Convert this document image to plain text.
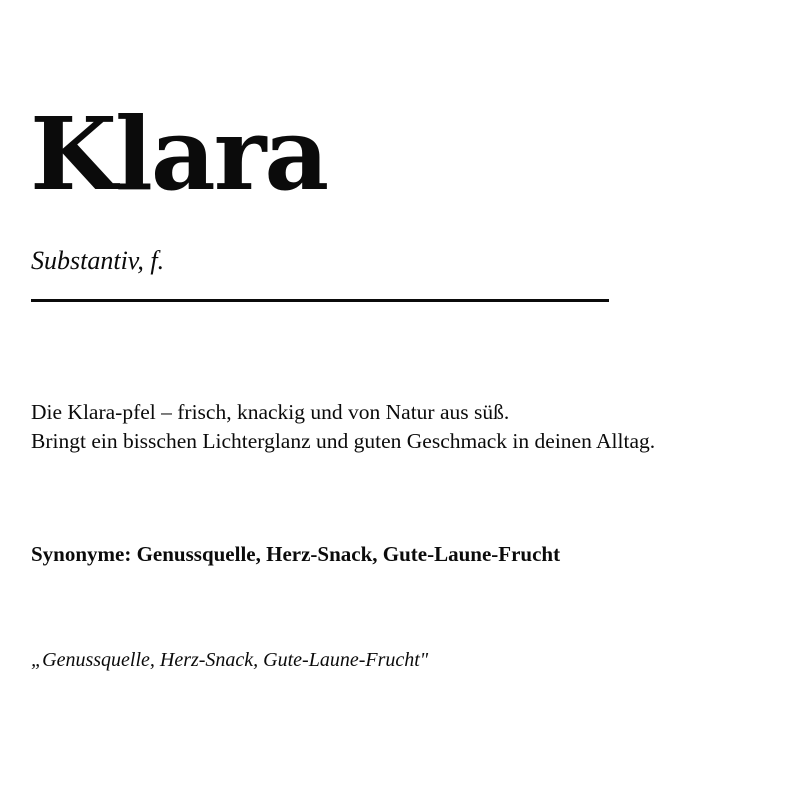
Klara

Substantiv, f.

Die Klara-pfel – frisch, knackig und von Natur aus süß.
Bringt ein bisschen Lichterglanz und guten Geschmack in deinen Alltag.

Synonyme: Genussquelle, Herz-Snack, Gute-Laune-Frucht

„Genussquelle, Herz-Snack, Gute-Laune-Frucht"
